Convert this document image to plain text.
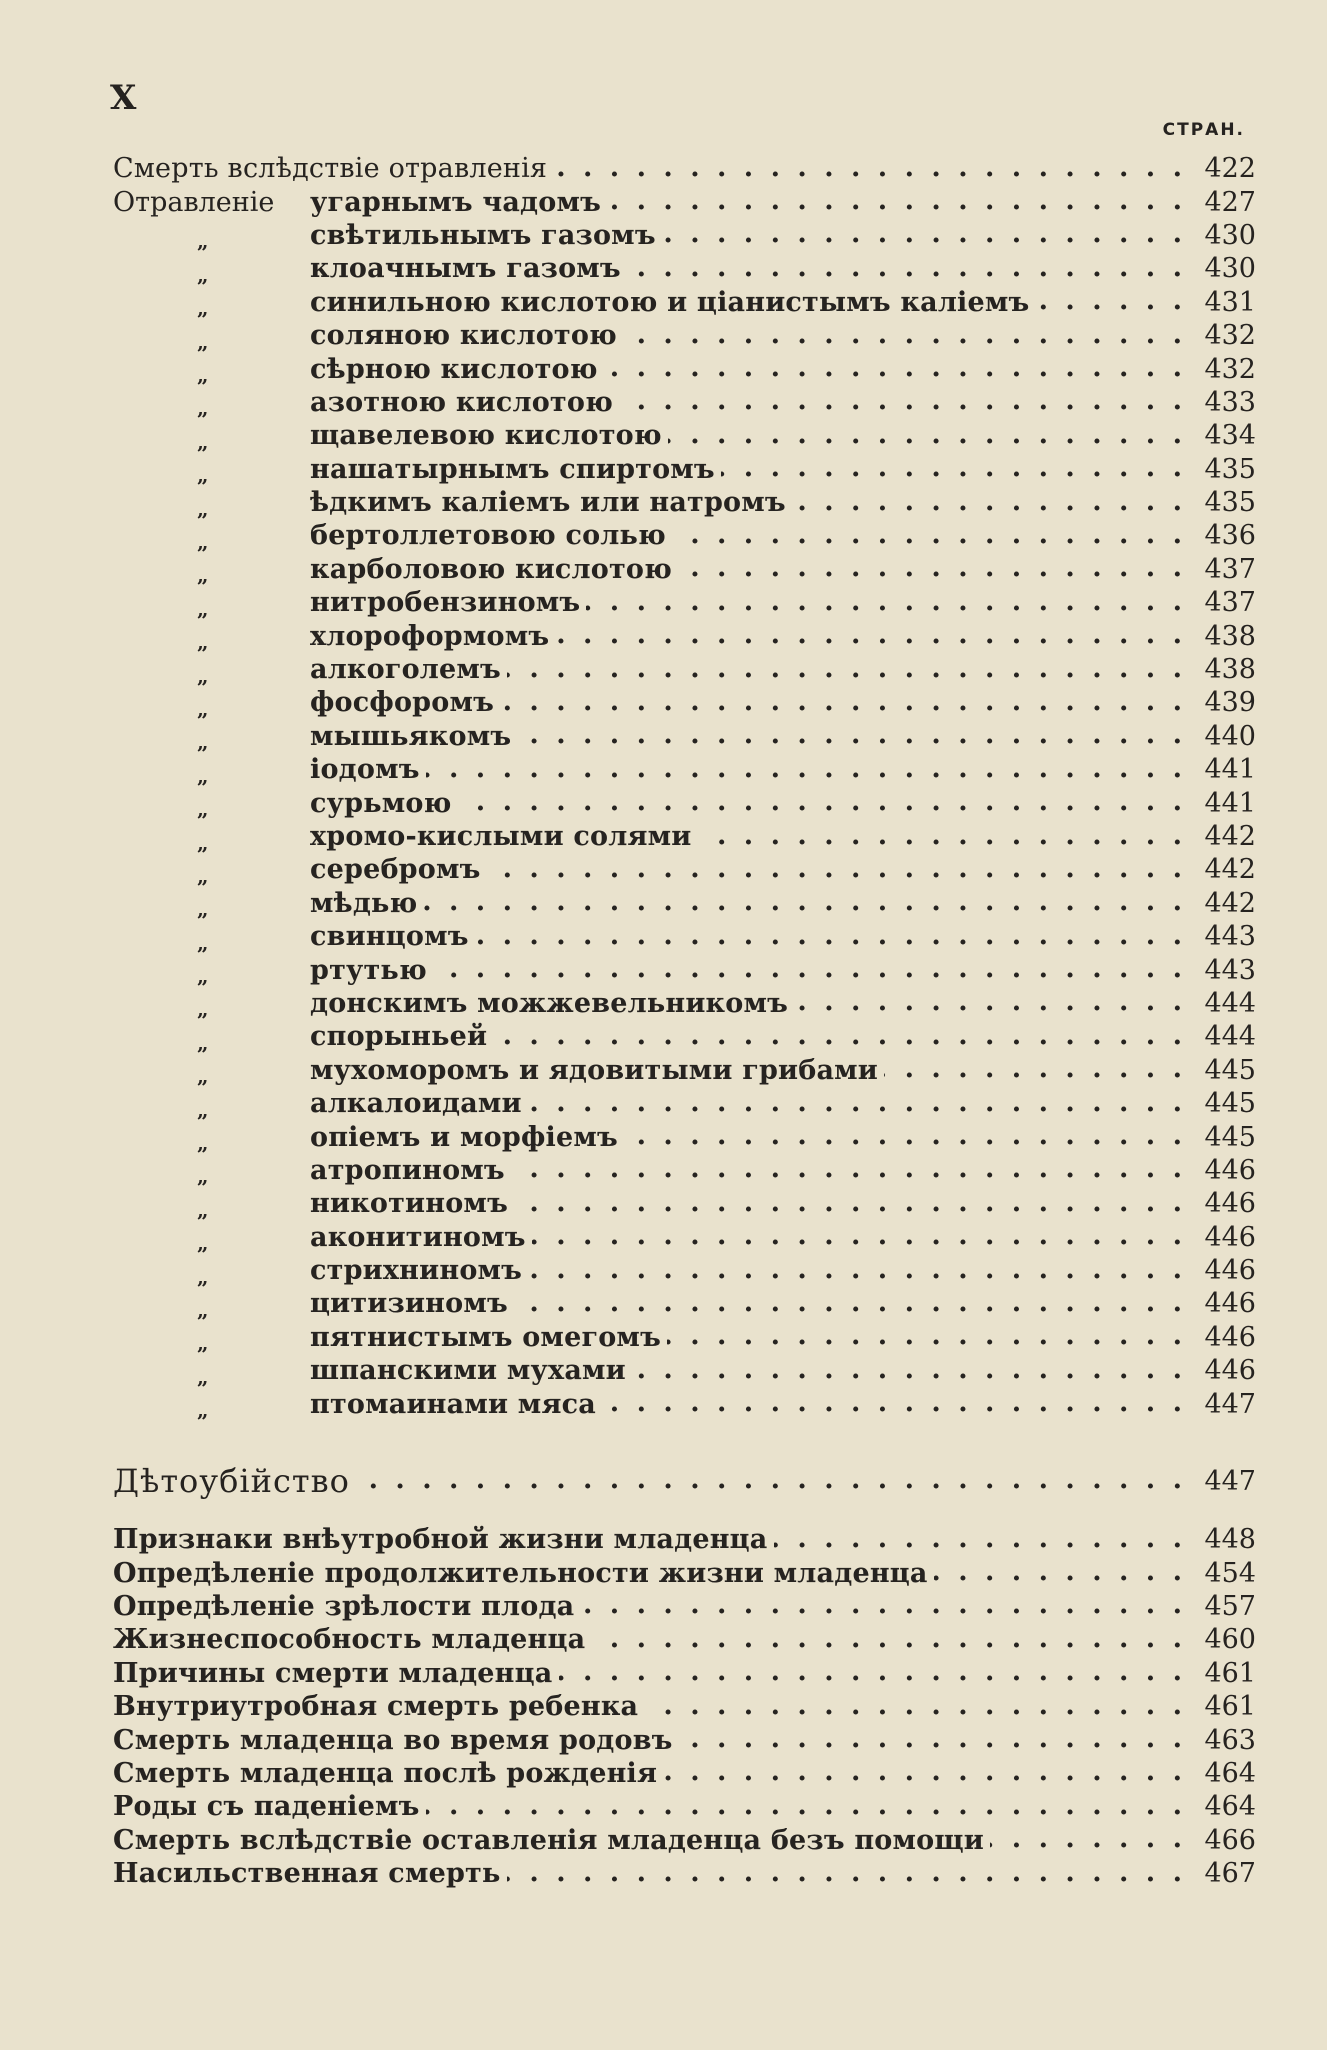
X
СТРАН.
Смерть вслѣдствіе отравленія . . .	422
Отравленіе	угарнымъ чадомъ . . .	427
„	свѣтильнымъ газомъ . . .	430
„	клоачнымъ газомъ . . .	430
„	синильною кислотою и ціанистымъ каліемъ . . .	431
„	соляною кислотою . . .	432
„	сѣрною кислотою . . .	432
„	азотною кислотою . . .	433
„	щавелевою кислотою . . .	434
„	нашатырнымъ спиртомъ . . .	435
„	ѣдкимъ каліемъ или натромъ . . .	435
„	бертоллетовою солью . . .	436
„	карболовою кислотою . . .	437
„	нитробензиномъ . . .	437
„	хлороформомъ . . .	438
„	алкоголемъ . . .	438
„	фосфоромъ . . .	439
„	мышьякомъ . . .	440
„	іодомъ . . .	441
„	сурьмою . . .	441
„	хромо-кислыми солями . . .	442
„	серебромъ . . .	442
„	мѣдью . . .	442
„	свинцомъ . . .	443
„	ртутью . . .	443
„	донскимъ можжевельникомъ . . .	444
„	спорыньей . . .	444
„	мухоморомъ и ядовитыми грибами . . .	445
„	алкалоидами . . .	445
„	опіемъ и морфіемъ . . .	445
„	атропиномъ . . .	446
„	никотиномъ . . .	446
„	аконитиномъ . . .	446
„	стрихниномъ . . .	446
„	цитизиномъ . . .	446
„	пятнистымъ омегомъ . . .	446
„	шпанскими мухами . . .	446
„	птомаинами мяса . . .	447
Дѣтоубійство . . .	447
Признаки внѣутробной жизни младенца . . .	448
Опредѣленіе продолжительности жизни младенца . . .	454
Опредѣленіе зрѣлости плода . . .	457
Жизнеспособность младенца . . .	460
Причины смерти младенца . . .	461
Внутриутробная смерть ребенка . . .	461
Смерть младенца во время родовъ . . .	463
Смерть младенца послѣ рожденія . . .	464
Роды съ паденіемъ . . .	464
Смерть вслѣдствіе оставленія младенца безъ помощи . . .	466
Насильственная смерть . . .	467
